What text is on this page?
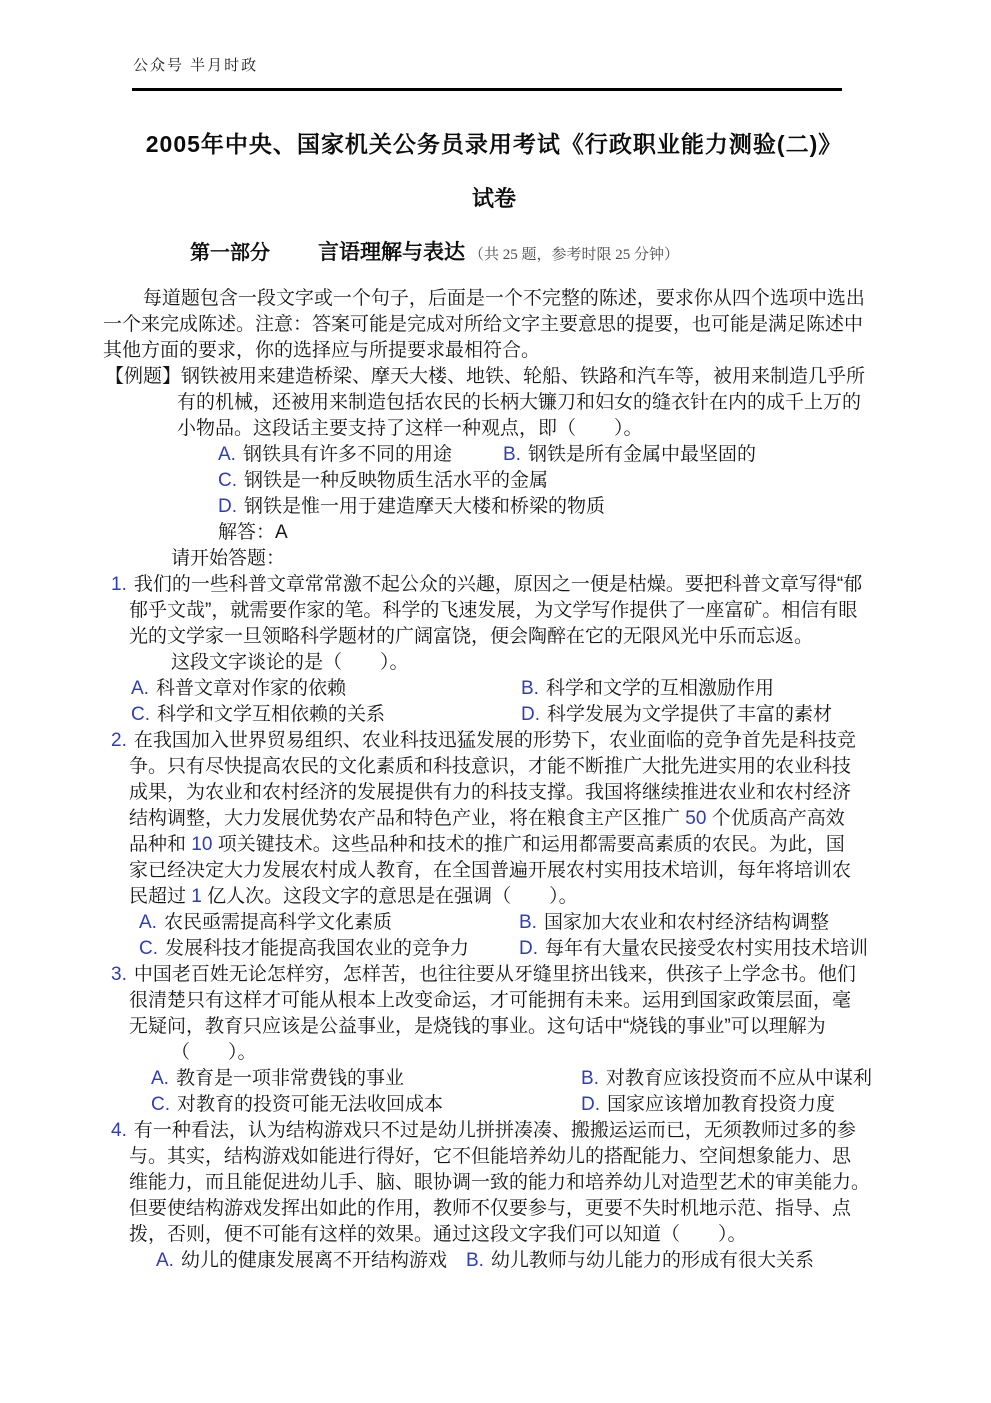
公众号 半月时政
2005年中央、国家机关公务员录用考试《行政职业能力测验(二)》
试卷
第一部分 言语理解与表达 （共 25 题，参考时限 25 分钟）
每道题包含一段文字或一个句子，后面是一个不完整的陈述，要求你从四个选项中选出
一个来完成陈述。注意：答案可能是完成对所给文字主要意思的提要，也可能是满足陈述中
其他方面的要求，你的选择应与所提要求最相符合。
【例题】钢铁被用来建造桥梁、摩天大楼、地铁、轮船、铁路和汽车等，被用来制造几乎所
有的机械，还被用来制造包括农民的长柄大镰刀和妇女的缝衣针在内的成千上万的
小物品。这段话主要支持了这样一种观点，即（　　）。
A. 钢铁具有许多不同的用途	B. 钢铁是所有金属中最坚固的
C. 钢铁是一种反映物质生活水平的金属
D. 钢铁是惟一用于建造摩天大楼和桥梁的物质
解答：A
请开始答题：
1. 我们的一些科普文章常常激不起公众的兴趣，原因之一便是枯燥。要把科普文章写得“郁
郁乎文哉”，就需要作家的笔。科学的飞速发展，为文学写作提供了一座富矿。相信有眼
光的文学家一旦领略科学题材的广阔富饶，便会陶醉在它的无限风光中乐而忘返。
这段文字谈论的是（　　）。
A. 科普文章对作家的依赖	B. 科学和文学的互相激励作用
C. 科学和文学互相依赖的关系	D. 科学发展为文学提供了丰富的素材
2. 在我国加入世界贸易组织、农业科技迅猛发展的形势下，农业面临的竞争首先是科技竞
争。只有尽快提高农民的文化素质和科技意识，才能不断推广大批先进实用的农业科技
成果，为农业和农村经济的发展提供有力的科技支撑。我国将继续推进农业和农村经济
结构调整，大力发展优势农产品和特色产业，将在粮食主产区推广 50 个优质高产高效
品种和 10 项关键技术。这些品种和技术的推广和运用都需要高素质的农民。为此，国
家已经决定大力发展农村成人教育，在全国普遍开展农村实用技术培训，每年将培训农
民超过 1 亿人次。这段文字的意思是在强调（　　）。
A. 农民亟需提高科学文化素质	B. 国家加大农业和农村经济结构调整
C. 发展科技才能提高我国农业的竞争力	D. 每年有大量农民接受农村实用技术培训
3. 中国老百姓无论怎样穷，怎样苦，也往往要从牙缝里挤出钱来，供孩子上学念书。他们
很清楚只有这样才可能从根本上改变命运，才可能拥有未来。运用到国家政策层面，毫
无疑问，教育只应该是公益事业，是烧钱的事业。这句话中“烧钱的事业”可以理解为
（　　）。
A. 教育是一项非常费钱的事业	B. 对教育应该投资而不应从中谋利
C. 对教育的投资可能无法收回成本	D. 国家应该增加教育投资力度
4. 有一种看法，认为结构游戏只不过是幼儿拼拼凑凑、搬搬运运而已，无须教师过多的参
与。其实，结构游戏如能进行得好，它不但能培养幼儿的搭配能力、空间想象能力、思
维能力，而且能促进幼儿手、脑、眼协调一致的能力和培养幼儿对造型艺术的审美能力。
但要使结构游戏发挥出如此的作用，教师不仅要参与，更要不失时机地示范、指导、点
拨，否则，便不可能有这样的效果。通过这段文字我们可以知道（　　）。
A. 幼儿的健康发展离不开结构游戏	B. 幼儿教师与幼儿能力的形成有很大关系
